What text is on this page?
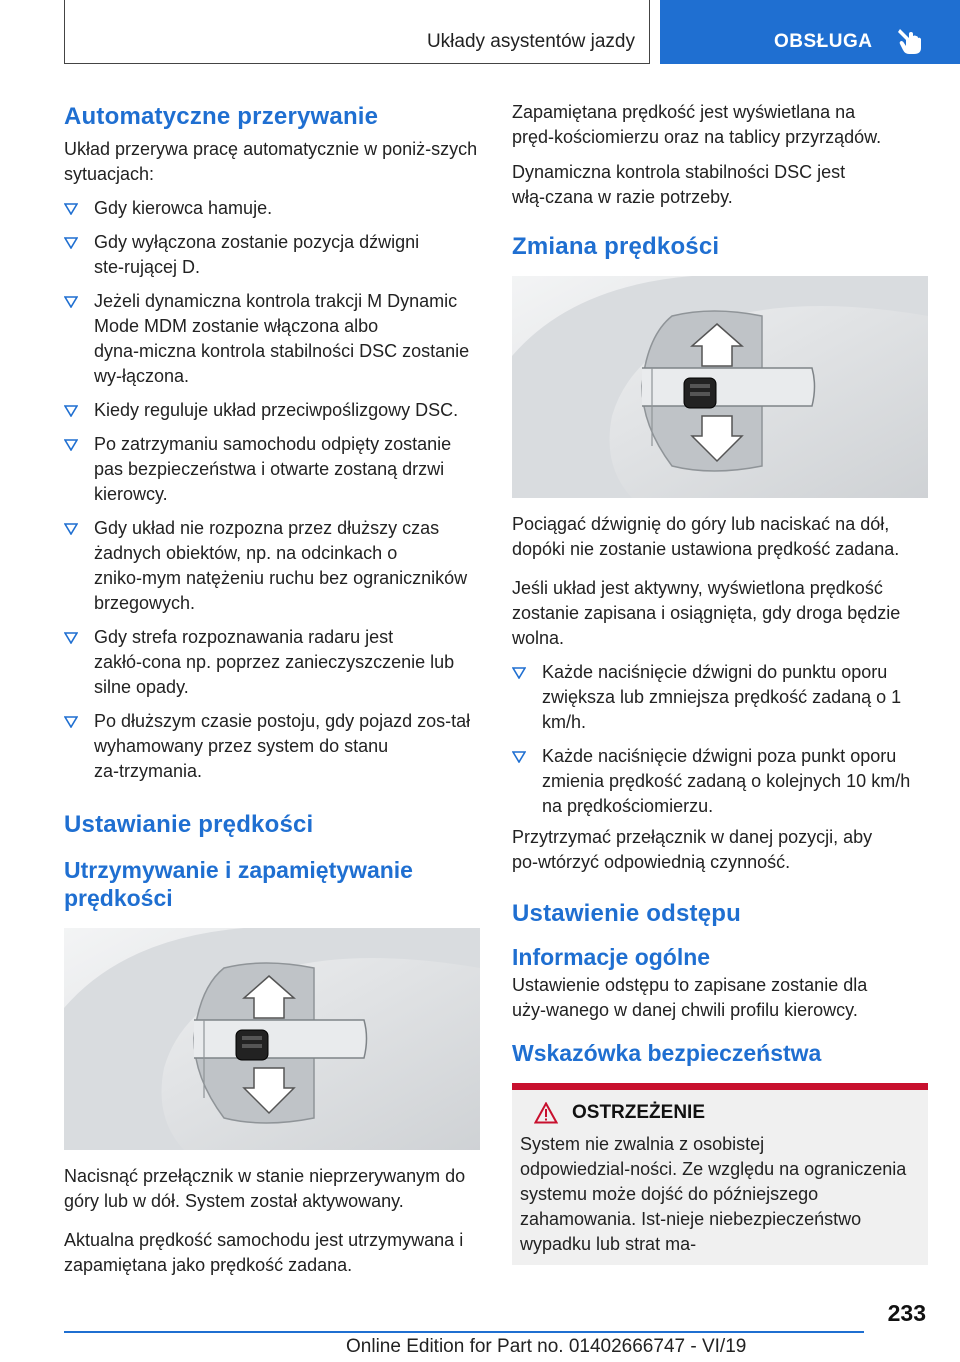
Układy asystentów jazdy	OBSŁUGA
Automatyczne przerywanie

Układ przerywa pracę automatycznie w poniż‑szych sytuacjach:

Gdy kierowca hamuje.
Gdy wyłączona zostanie pozycja dźwigni ste‑rującej D.
Jeżeli dynamiczna kontrola trakcji M Dynamic Mode MDM zostanie włączona albo dyna‑miczna kontrola stabilności DSC zostanie wy‑łączona.
Kiedy reguluje układ przeciwpoślizgowy DSC.
Po zatrzymaniu samochodu odpięty zostanie pas bezpieczeństwa i otwarte zostaną drzwi kierowcy.
Gdy układ nie rozpozna przez dłuższy czas żadnych obiektów, np. na odcinkach o zniko‑mym natężeniu ruchu bez ograniczników brzegowych.
Gdy strefa rozpoznawania radaru jest zakłó‑cona np. poprzez zanieczyszczenie lub silne opady.
Po dłuższym czasie postoju, gdy pojazd zos‑tał wyhamowany przez system do stanu za‑trzymania.
Ustawianie prędkości
Utrzymywanie i zapamiętywanie prędkości

Nacisnąć przełącznik w stanie nieprzerywanym do góry lub w dół. System został aktywowany.

Aktualna prędkość samochodu jest utrzymywana i zapamiętana jako prędkość zadana.

Zapamiętana prędkość jest wyświetlana na pręd‑kościomierzu oraz na tablicy przyrządów.

Dynamiczna kontrola stabilności DSC jest włą‑czana w razie potrzeby.

Zmiana prędkości

Pociągać dźwignię do góry lub naciskać na dół, dopóki nie zostanie ustawiona prędkość zadana.

Jeśli układ jest aktywny, wyświetlona prędkość zostanie zapisana i osiągnięta, gdy droga będzie wolna.

Każde naciśnięcie dźwigni do punktu oporu zwiększa lub zmniejsza prędkość zadaną o 1 km/h.
Każde naciśnięcie dźwigni poza punkt oporu zmienia prędkość zadaną o kolejnych 10 km/h na prędkościomierzu.

Przytrzymać przełącznik w danej pozycji, aby po‑wtórzyć odpowiednią czynność.

Ustawienie odstępu
Informacje ogólne

Ustawienie odstępu to zapisane zostanie dla uży‑wanego w danej chwili profilu kierowcy.

Wskazówka bezpieczeństwa
OSTRZEŻENIE

System nie zwalnia z osobistej odpowiedzial‑ności. Ze względu na ograniczenia systemu może dojść do późniejszego zahamowania. Ist‑nieje niebezpieczeństwo wypadku lub strat ma‑

233
Online Edition for Part no. 01402666747 - VI/19
